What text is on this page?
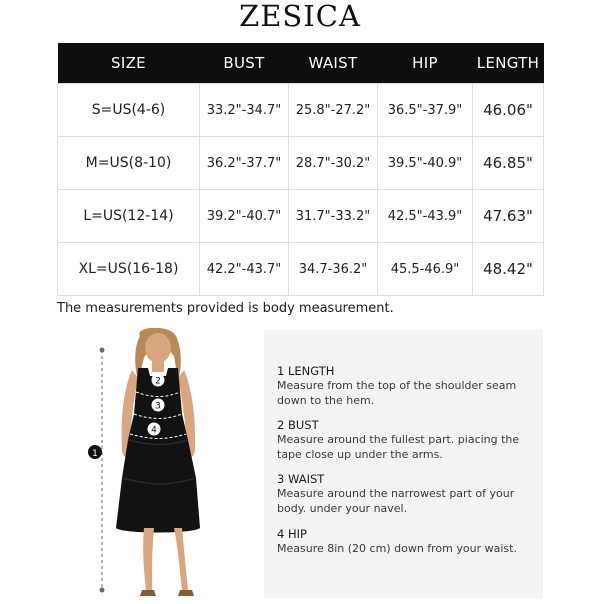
ZESICA
SIZE	BUST	WAIST	HIP	LENGTH
S=US(4-6)	33.2"-34.7"	25.8"-27.2"	36.5"-37.9"	46.06"
M=US(8-10)	36.2"-37.7"	28.7"-30.2"	39.5"-40.9"	46.85"
L=US(12-14)	39.2"-40.7"	31.7"-33.2"	42.5"-43.9"	47.63"
XL=US(16-18)	42.2"-43.7"	34.7-36.2"	45.5-46.9"	48.42"
The measurements provided is body measurement.
1
2
3
4
1 LENGTH
Measure from the top of the shoulder seam down to the hem.
2 BUST
Measure around the fullest part. piacing the tape close up under the arms.
3 WAIST
Measure around the narrowest part of your body. under your navel.
4 HIP
Measure 8in (20 cm) down from your waist.
